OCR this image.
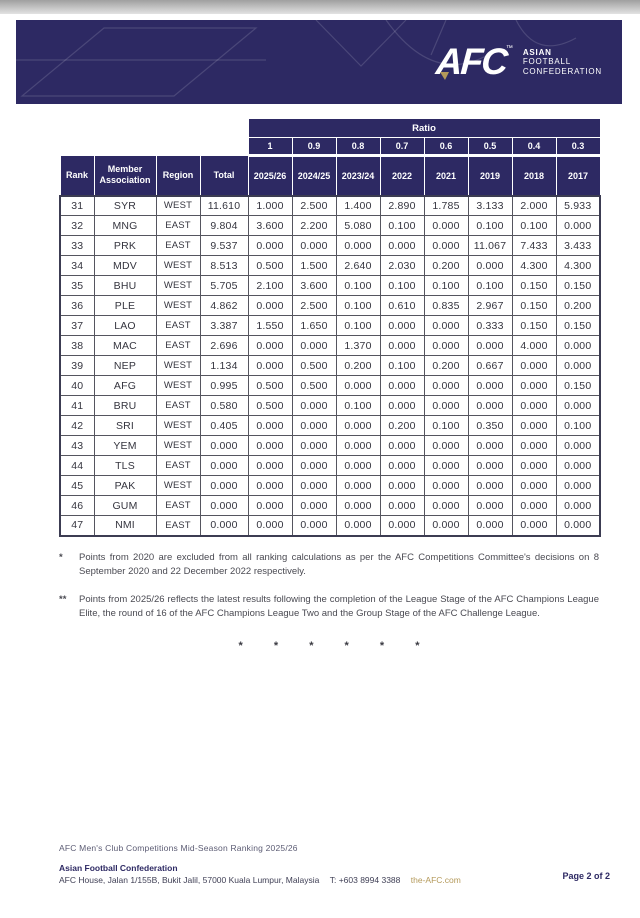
AFC™ ASIAN
FOOTBALL
CONFEDERATION
				Ratio							
				1	0.9	0.8	0.7	0.6	0.5	0.4	0.3
Rank	Member Association	Region	Total	2025/26	2024/25	2023/24	2022	2021	2019	2018	2017
31	SYR	WEST	11.610	1.000	2.500	1.400	2.890	1.785	3.133	2.000	5.933
32	MNG	EAST	9.804	3.600	2.200	5.080	0.100	0.000	0.100	0.100	0.000
33	PRK	EAST	9.537	0.000	0.000	0.000	0.000	0.000	11.067	7.433	3.433
34	MDV	WEST	8.513	0.500	1.500	2.640	2.030	0.200	0.000	4.300	4.300
35	BHU	WEST	5.705	2.100	3.600	0.100	0.100	0.100	0.100	0.150	0.150
36	PLE	WEST	4.862	0.000	2.500	0.100	0.610	0.835	2.967	0.150	0.200
37	LAO	EAST	3.387	1.550	1.650	0.100	0.000	0.000	0.333	0.150	0.150
38	MAC	EAST	2.696	0.000	0.000	1.370	0.000	0.000	0.000	4.000	0.000
39	NEP	WEST	1.134	0.000	0.500	0.200	0.100	0.200	0.667	0.000	0.000
40	AFG	WEST	0.995	0.500	0.500	0.000	0.000	0.000	0.000	0.000	0.150
41	BRU	EAST	0.580	0.500	0.000	0.100	0.000	0.000	0.000	0.000	0.000
42	SRI	WEST	0.405	0.000	0.000	0.000	0.200	0.100	0.350	0.000	0.100
43	YEM	WEST	0.000	0.000	0.000	0.000	0.000	0.000	0.000	0.000	0.000
44	TLS	EAST	0.000	0.000	0.000	0.000	0.000	0.000	0.000	0.000	0.000
45	PAK	WEST	0.000	0.000	0.000	0.000	0.000	0.000	0.000	0.000	0.000
46	GUM	EAST	0.000	0.000	0.000	0.000	0.000	0.000	0.000	0.000	0.000
47	NMI	EAST	0.000	0.000	0.000	0.000	0.000	0.000	0.000	0.000	0.000
*	Points from 2020 are excluded from all ranking calculations as per the AFC Competitions Committee's decisions on 8 September 2020 and 22 December 2022 respectively.
**	Points from 2025/26 reflects the latest results following the completion of the League Stage of the AFC Champions League Elite, the round of 16 of the AFC Champions League Two and the Group Stage of the AFC Challenge League.
* * * * * *
AFC Men's Club Competitions Mid-Season Ranking 2025/26
Asian Football Confederation
AFC House, Jalan 1/155B, Bukit Jalil, 57000 Kuala Lumpur, Malaysia T: +603 8994 3388 the-AFC.com	Page 2 of 2
